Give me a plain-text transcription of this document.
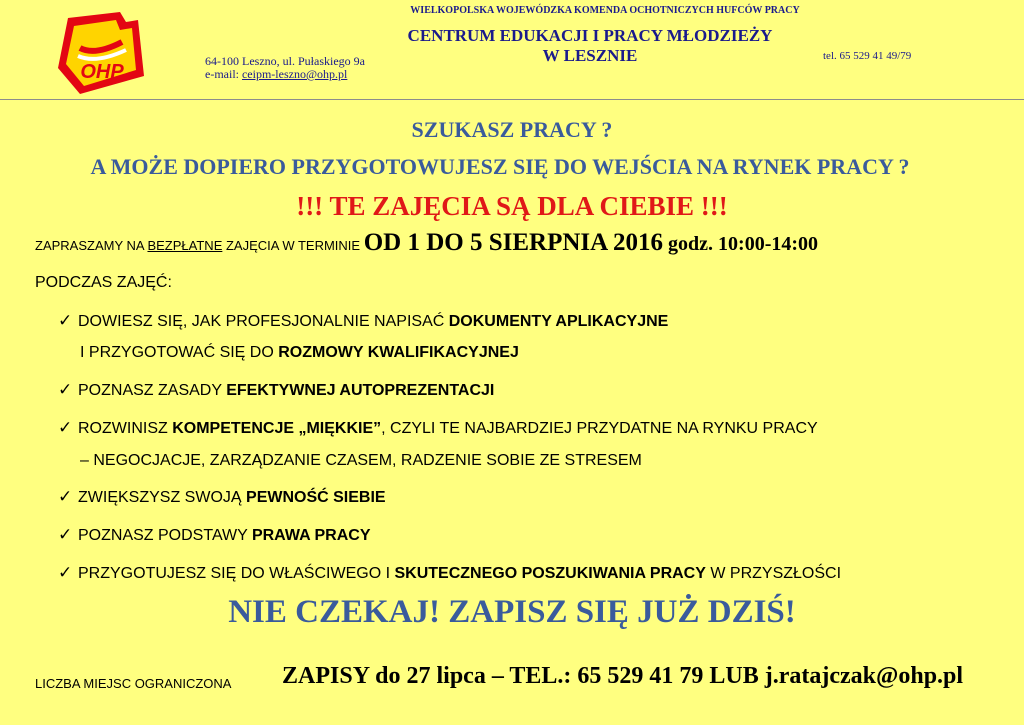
OHP
WIELKOPOLSKA WOJEWÓDZKA KOMENDA OCHOTNICZYCH HUFCÓW PRACY
CENTRUM EDUKACJI I PRACY MŁODZIEŻY
W LESZNIE
64-100 Leszno, ul. Pułaskiego 9a
e-mail: ceipm-leszno@ohp.pl
tel. 65 529 41 49/79
SZUKASZ PRACY ?
A MOŻE DOPIERO PRZYGOTOWUJESZ SIĘ DO WEJŚCIA NA RYNEK PRACY ?
!!! TE ZAJĘCIA SĄ DLA CIEBIE !!!
ZAPRASZAMY NA BEZPŁATNE ZAJĘCIA W TERMINIE OD 1 DO 5 SIERPNIA 2016 godz. 10:00-14:00
PODCZAS ZAJĘĆ:
✓ DOWIESZ SIĘ, JAK PROFESJONALNIE NAPISAĆ DOKUMENTY APLIKACYJNE
I PRZYGOTOWAĆ SIĘ DO ROZMOWY KWALIFIKACYJNEJ
✓ POZNASZ ZASADY EFEKTYWNEJ AUTOPREZENTACJI
✓ ROZWINISZ KOMPETENCJE „MIĘKKIE”, CZYLI TE NAJBARDZIEJ PRZYDATNE NA RYNKU PRACY
– NEGOCJACJE, ZARZĄDZANIE CZASEM, RADZENIE SOBIE ZE STRESEM
✓ ZWIĘKSZYSZ SWOJĄ PEWNOŚĆ SIEBIE
✓ POZNASZ PODSTAWY PRAWA PRACY
✓ PRZYGOTUJESZ SIĘ DO WŁAŚCIWEGO I SKUTECZNEGO POSZUKIWANIA PRACY W PRZYSZŁOŚCI
NIE CZEKAJ! ZAPISZ SIĘ JUŻ DZIŚ!
LICZBA MIEJSC OGRANICZONA ZAPISY do 27 lipca – TEL.: 65 529 41 79 LUB j.ratajczak@ohp.pl
